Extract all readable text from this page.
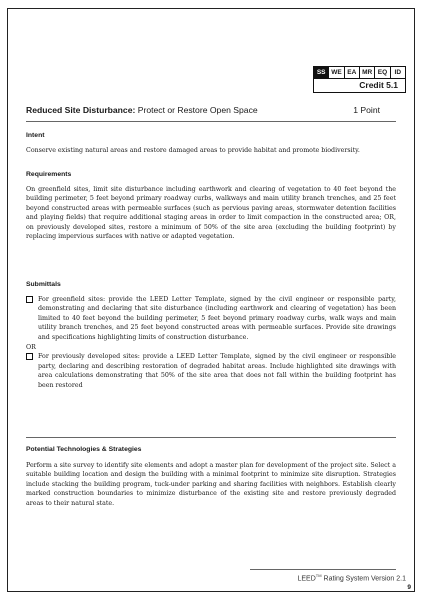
SS WE EA MR EQ	ID
Credit 5.1
Reduced Site Disturbance: Protect or Restore Open Space	1 Point

Intent

Conserve existing natural areas and restore damaged areas to provide habitat and promote biodiversity.

Requirements

On greenfield sites, limit site disturbance including earthwork and clearing of vegetation to 40 feet beyond the building perimeter, 5 feet beyond primary roadway curbs, walkways and main utility branch trenches, and 25 feet beyond constructed areas with permeable surfaces (such as pervious paving areas, stormwater detention facilities and playing fields) that require additional staging areas in order to limit compaction in the constructed area; OR, on previously developed sites, restore a minimum of 50% of the site area (excluding the building footprint) by replacing impervious surfaces with native or adapted vegetation.

Submittals

For greenfield sites: provide the LEED Letter Template, signed by the civil engineer or responsible party, demonstrating and declaring that site disturbance (including earthwork and clearing of vegetation) has been limited to 40 feet beyond the building perimeter, 5 feet beyond primary roadway curbs, walk ways and main utility branch trenches, and 25 feet beyond constructed areas with permeable surfaces. Provide site drawings and specifications highlighting limits of construction disturbance.

OR

For previously developed sites: provide a LEED Letter Template, signed by the civil engineer or responsible party, declaring and describing restoration of degraded habitat areas. Include highlighted site drawings with area calculations demonstrating that 50% of the site area that does not fall within the building footprint has been restored

Potential Technologies & Strategies

Perform a site survey to identify site elements and adopt a master plan for development of the project site. Select a suitable building location and design the building with a minimal footprint to minimize site disruption. Strategies include stacking the building program, tuck-under parking and sharing facilities with neighbors. Establish clearly marked construction boundaries to minimize disturbance of the existing site and restore previously degraded areas to their natural state.

LEED™ Rating System Version 2.1
9
